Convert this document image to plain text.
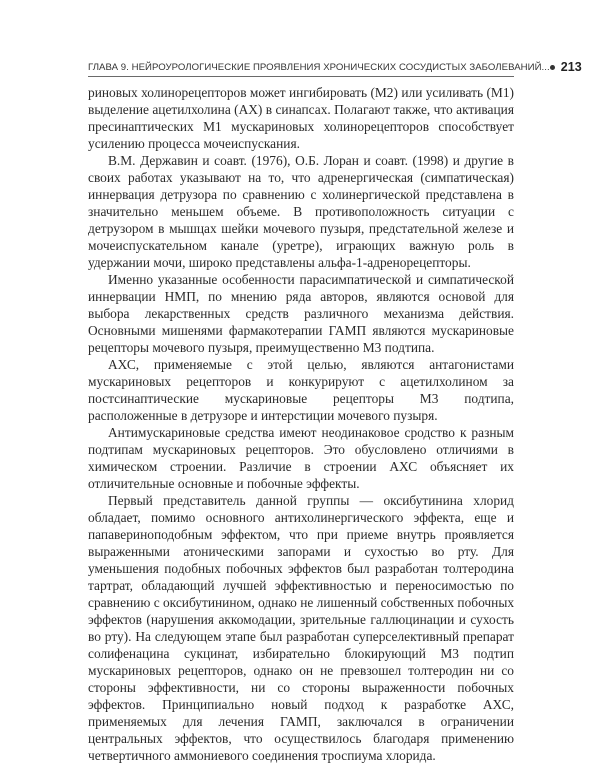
ГЛАВА 9. НЕЙРОУРОЛОГИЧЕСКИЕ ПРОЯВЛЕНИЯ ХРОНИЧЕСКИХ СОСУДИСТЫХ ЗАБОЛЕВАНИЙ... 213

риновых холинорецепторов может ингибировать (М2) или усиливать (М1) выделение ацетилхолина (АХ) в синапсах. Полагают также, что активация пресинаптических М1 мускариновых холинорецепторов способствует усилению процесса мочеиспускания.

В.М. Державин и соавт. (1976), О.Б. Лоран и соавт. (1998) и другие в своих работах указывают на то, что адренергическая (симпатическая) иннервация детрузора по сравнению с холинергической представлена в значительно меньшем объеме. В противоположность ситуации с детрузором в мышцах шейки мочевого пузыря, предстательной железе и мочеиспускательном канале (уретре), играющих важную роль в удержании мочи, широко представлены альфа-1-адренорецепторы.

Именно указанные особенности парасимпатической и симпатической иннервации НМП, по мнению ряда авторов, являются основой для выбора лекарственных средств различного механизма действия. Основными мишенями фармакотерапии ГАМП являются мускариновые рецепторы мочевого пузыря, преимущественно М3 подтипа.

АХС, применяемые с этой целью, являются антагонистами мускариновых рецепторов и конкурируют с ацетилхолином за постсинаптические мускариновые рецепторы М3 подтипа, расположенные в детрузоре и интерстиции мочевого пузыря.

Антимускариновые средства имеют неодинаковое сродство к разным подтипам мускариновых рецепторов. Это обусловлено отличиями в химическом строении. Различие в строении АХС объясняет их отличительные основные и побочные эффекты.

Первый представитель данной группы — оксибутинина хлорид обладает, помимо основного антихолинергического эффекта, еще и папавериноподобным эффектом, что при приеме внутрь проявляется выраженными атоническими запорами и сухостью во рту. Для уменьшения подобных побочных эффектов был разработан толтеродина тартрат, обладающий лучшей эффективностью и переносимостью по сравнению с оксибутинином, однако не лишенный собственных побочных эффектов (нарушения аккомодации, зрительные галлюцинации и сухость во рту). На следующем этапе был разработан суперселективный препарат солифенацина сукцинат, избирательно блокирующий М3 подтип мускариновых рецепторов, однако он не превзошел толтеродин ни со стороны эффективности, ни со стороны выраженности побочных эффектов. Принципиально новый подход к разработке АХС, применяемых для лечения ГАМП, заключался в ограничении центральных эффектов, что осуществилось благодаря применению четвертичного аммониевого соединения троспиума хлорида.
